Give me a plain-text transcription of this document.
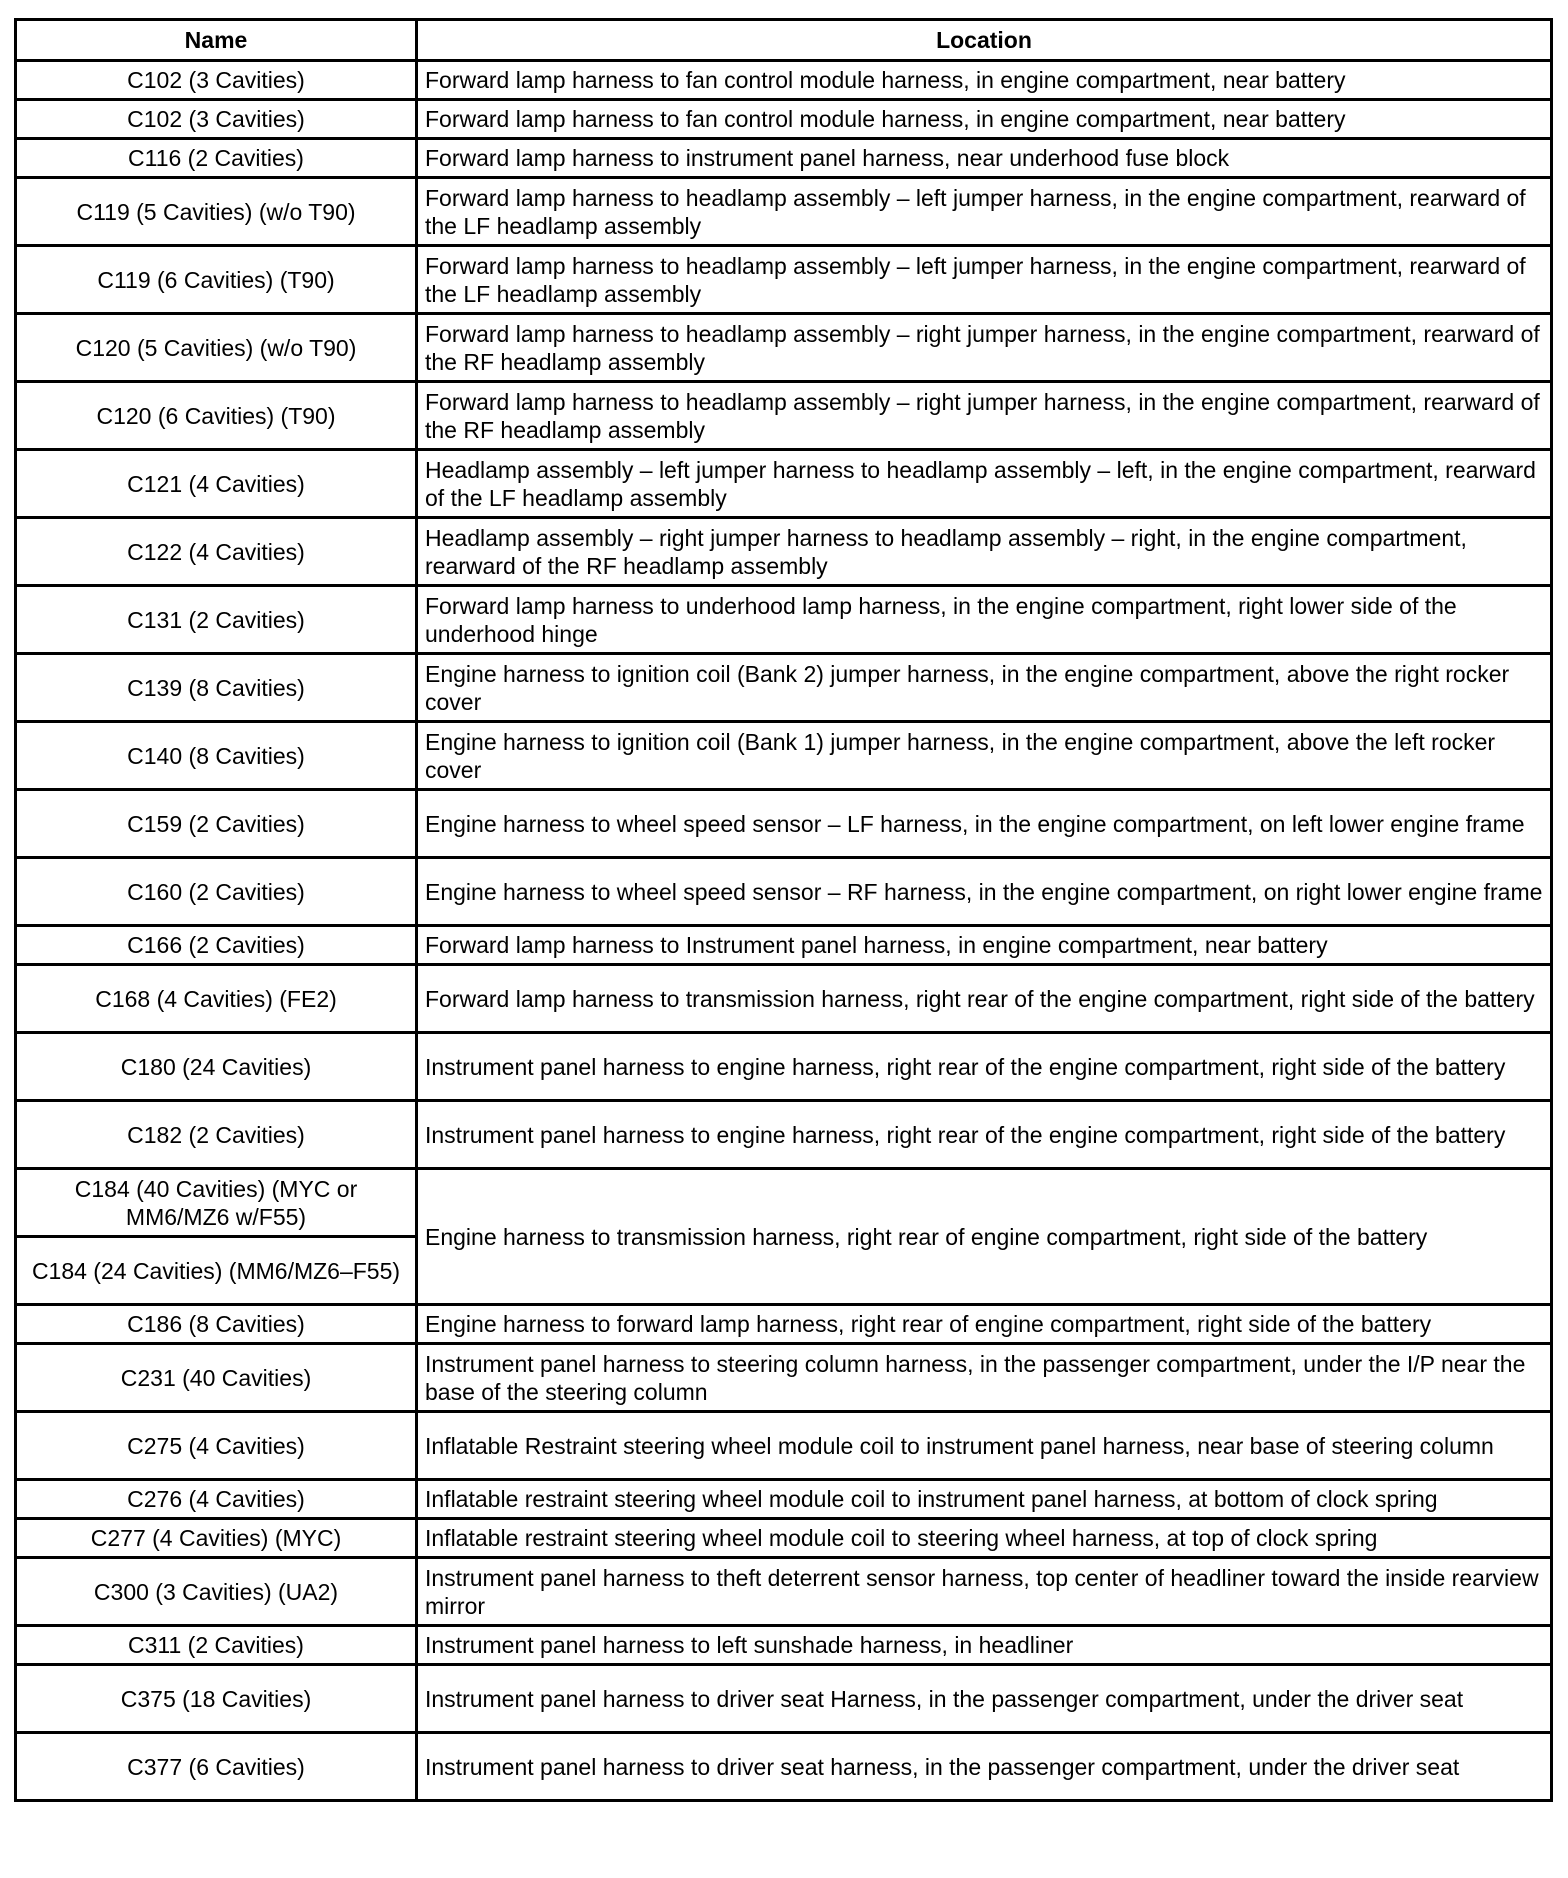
Name	Location
C102 (3 Cavities)	Forward lamp harness to fan control module harness, in engine compartment, near battery
C102 (3 Cavities)	Forward lamp harness to fan control module harness, in engine compartment, near battery
C116 (2 Cavities)	Forward lamp harness to instrument panel harness, near underhood fuse block
C119 (5 Cavities) (w/o T90)	Forward lamp harness to headlamp assembly – left jumper harness, in the engine compartment, rearward of the LF headlamp assembly
C119 (6 Cavities) (T90)	Forward lamp harness to headlamp assembly – left jumper harness, in the engine compartment, rearward of the LF headlamp assembly
C120 (5 Cavities) (w/o T90)	Forward lamp harness to headlamp assembly – right jumper harness, in the engine compartment, rearward of the RF headlamp assembly
C120 (6 Cavities) (T90)	Forward lamp harness to headlamp assembly – right jumper harness, in the engine compartment, rearward of the RF headlamp assembly
C121 (4 Cavities)	Headlamp assembly – left jumper harness to headlamp assembly – left, in the engine compartment, rearward of the LF headlamp assembly
C122 (4 Cavities)	Headlamp assembly – right jumper harness to headlamp assembly – right, in the engine compartment, rearward of the RF headlamp assembly
C131 (2 Cavities)	Forward lamp harness to underhood lamp harness, in the engine compartment, right lower side of the underhood hinge
C139 (8 Cavities)	Engine harness to ignition coil (Bank 2) jumper harness, in the engine compartment, above the right rocker cover
C140 (8 Cavities)	Engine harness to ignition coil (Bank 1) jumper harness, in the engine compartment, above the left rocker cover
C159 (2 Cavities)	Engine harness to wheel speed sensor – LF harness, in the engine compartment, on left lower engine frame
C160 (2 Cavities)	Engine harness to wheel speed sensor – RF harness, in the engine compartment, on right lower engine frame
C166 (2 Cavities)	Forward lamp harness to Instrument panel harness, in engine compartment, near battery
C168 (4 Cavities) (FE2)	Forward lamp harness to transmission harness, right rear of the engine compartment, right side of the battery
C180 (24 Cavities)	Instrument panel harness to engine harness, right rear of the engine compartment, right side of the battery
C182 (2 Cavities)	Instrument panel harness to engine harness, right rear of the engine compartment, right side of the battery
C184 (40 Cavities) (MYC or MM6/MZ6 w/F55)	Engine harness to transmission harness, right rear of engine compartment, right side of the battery
C184 (24 Cavities) (MM6/MZ6–F55)	
C186 (8 Cavities)	Engine harness to forward lamp harness, right rear of engine compartment, right side of the battery
C231 (40 Cavities)	Instrument panel harness to steering column harness, in the passenger compartment, under the I/P near the base of the steering column
C275 (4 Cavities)	Inflatable Restraint steering wheel module coil to instrument panel harness, near base of steering column
C276 (4 Cavities)	Inflatable restraint steering wheel module coil to instrument panel harness, at bottom of clock spring
C277 (4 Cavities) (MYC)	Inflatable restraint steering wheel module coil to steering wheel harness, at top of clock spring
C300 (3 Cavities) (UA2)	Instrument panel harness to theft deterrent sensor harness, top center of headliner toward the inside rearview mirror
C311 (2 Cavities)	Instrument panel harness to left sunshade harness, in headliner
C375 (18 Cavities)	Instrument panel harness to driver seat Harness, in the passenger compartment, under the driver seat
C377 (6 Cavities)	Instrument panel harness to driver seat harness, in the passenger compartment, under the driver seat
